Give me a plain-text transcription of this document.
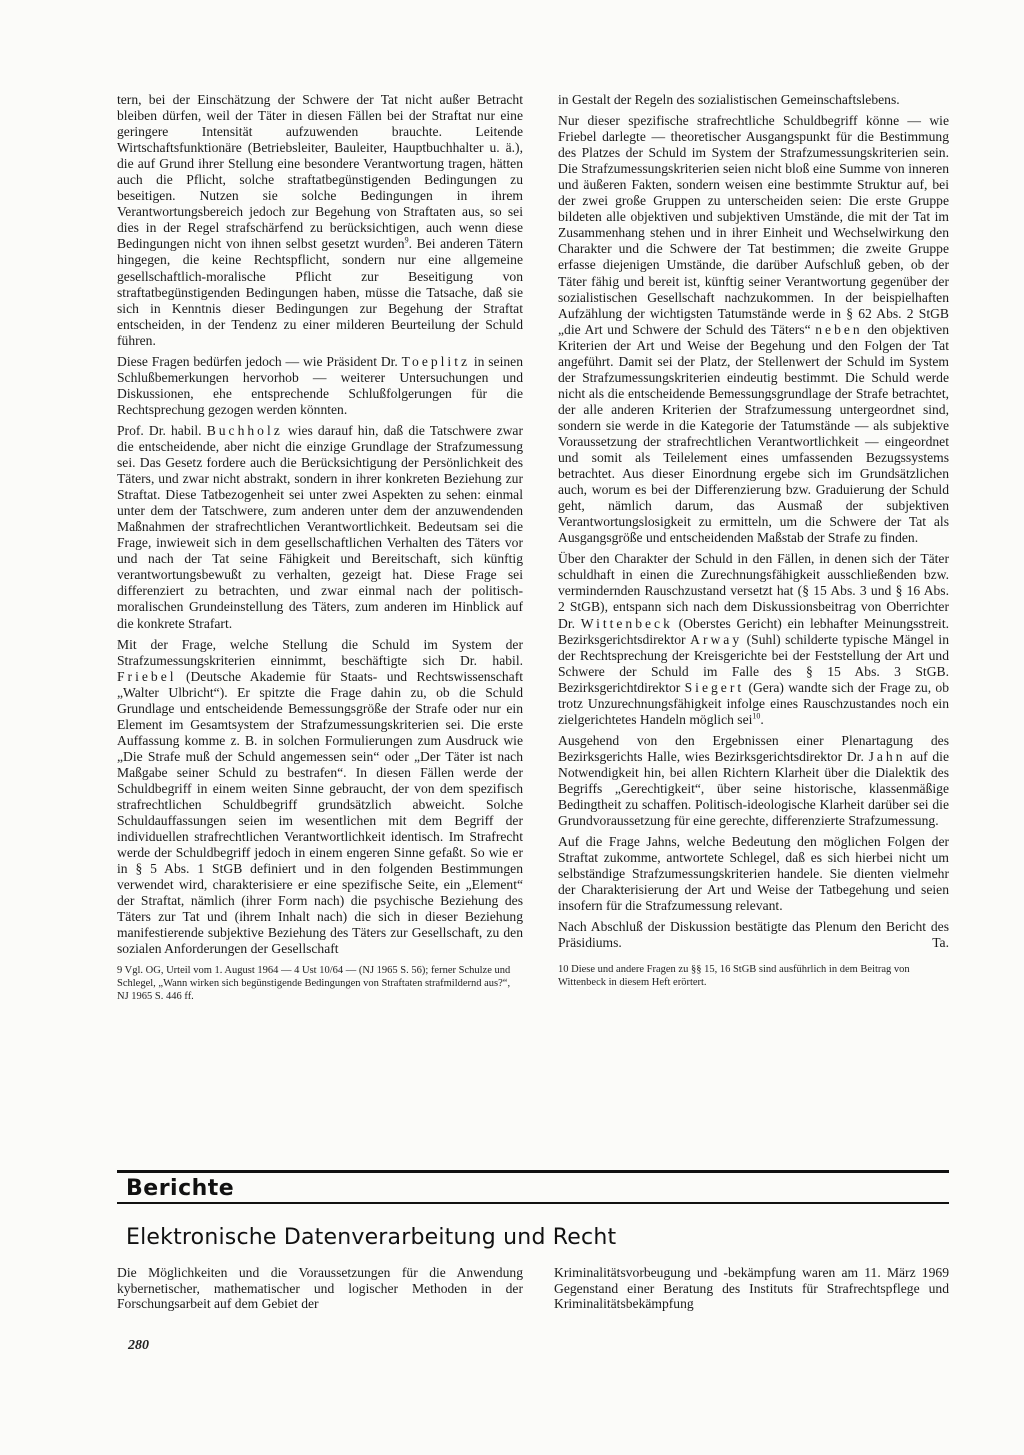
tern, bei der Einschätzung der Schwere der Tat nicht außer Betracht bleiben dürfen, weil der Täter in diesen Fällen bei der Straftat nur eine geringere Intensität aufzuwenden brauchte. Leitende Wirtschaftsfunktionäre (Betriebsleiter, Bauleiter, Hauptbuchhalter u. ä.), die auf Grund ihrer Stellung eine besondere Verantwortung tragen, hätten auch die Pflicht, solche straftatbegünstigenden Bedingungen zu beseitigen. Nutzen sie solche Bedingungen in ihrem Verantwortungsbereich jedoch zur Begehung von Straftaten aus, so sei dies in der Regel strafschärfend zu berücksichtigen, auch wenn diese Bedingungen nicht von ihnen selbst gesetzt wurden$^9$. Bei anderen Tätern hingegen, die keine Rechtspflicht, sondern nur eine allgemeine gesellschaftlich-moralische Pflicht zur Beseitigung von straftatbegünstigenden Bedingungen haben, müsse die Tatsache, daß sie sich in Kenntnis dieser Bedingungen zur Begehung der Straftat entscheiden, in der Tendenz zu einer milderen Beurteilung der Schuld führen.

Diese Fragen bedürfen jedoch — wie Präsident Dr. Toeplitz in seinen Schlußbemerkungen hervorhob — weiterer Untersuchungen und Diskussionen, ehe entsprechende Schlußfolgerungen für die Rechtsprechung gezogen werden könnten.

Prof. Dr. habil. Buchholz wies darauf hin, daß die Tatschwere zwar die entscheidende, aber nicht die einzige Grundlage der Strafzumessung sei. Das Gesetz fordere auch die Berücksichtigung der Persönlichkeit des Täters, und zwar nicht abstrakt, sondern in ihrer konkreten Beziehung zur Straftat. Diese Tatbezogenheit sei unter zwei Aspekten zu sehen: einmal unter dem der Tatschwere, zum anderen unter dem der anzuwendenden Maßnahmen der strafrechtlichen Verantwortlichkeit. Bedeutsam sei die Frage, inwieweit sich in dem gesellschaftlichen Verhalten des Täters vor und nach der Tat seine Fähigkeit und Bereitschaft, sich künftig verantwortungsbewußt zu verhalten, gezeigt hat. Diese Frage sei differenziert zu betrachten, und zwar einmal nach der politisch-moralischen Grundeinstellung des Täters, zum anderen im Hinblick auf die konkrete Strafart.

Mit der Frage, welche Stellung die Schuld im System der Strafzumessungskriterien einnimmt, beschäftigte sich Dr. habil. Friebel (Deutsche Akademie für Staats- und Rechtswissenschaft „Walter Ulbricht“). Er spitzte die Frage dahin zu, ob die Schuld Grundlage und entscheidende Bemessungsgröße der Strafe oder nur ein Element im Gesamtsystem der Strafzumessungskriterien sei. Die erste Auffassung komme z. B. in solchen Formulierungen zum Ausdruck wie „Die Strafe muß der Schuld angemessen sein“ oder „Der Täter ist nach Maßgabe seiner Schuld zu bestrafen“. In diesen Fällen werde der Schuldbegriff in einem weiten Sinne gebraucht, der von dem spezifisch strafrechtlichen Schuldbegriff grundsätzlich abweicht. Solche Schuldauffassungen seien im wesentlichen mit dem Begriff der individuellen strafrechtlichen Verantwortlichkeit identisch. Im Strafrecht werde der Schuldbegriff jedoch in einem engeren Sinne gefaßt. So wie er in § 5 Abs. 1 StGB definiert und in den folgenden Bestimmungen verwendet wird, charakterisiere er eine spezifische Seite, ein „Element“ der Straftat, nämlich (ihrer Form nach) die psychische Beziehung des Täters zur Tat und (ihrem Inhalt nach) die sich in dieser Beziehung manifestierende subjektive Beziehung des Täters zur Gesellschaft, zu den sozialen Anforderungen der Gesellschaft

9 Vgl. OG, Urteil vom 1. August 1964 — 4 Ust 10/64 — (NJ 1965 S. 56); ferner Schulze und Schlegel, „Wann wirken sich begünstigende Bedingungen von Straftaten strafmildernd aus?“, NJ 1965 S. 446 ff.

in Gestalt der Regeln des sozialistischen Gemeinschaftslebens.

Nur dieser spezifische strafrechtliche Schuldbegriff könne — wie Friebel darlegte — theoretischer Ausgangspunkt für die Bestimmung des Platzes der Schuld im System der Strafzumessungskriterien sein. Die Strafzumessungskriterien seien nicht bloß eine Summe von inneren und äußeren Fakten, sondern weisen eine bestimmte Struktur auf, bei der zwei große Gruppen zu unterscheiden seien: Die erste Gruppe bildeten alle objektiven und subjektiven Umstände, die mit der Tat im Zusammenhang stehen und in ihrer Einheit und Wechselwirkung den Charakter und die Schwere der Tat bestimmen; die zweite Gruppe erfasse diejenigen Umstände, die darüber Aufschluß geben, ob der Täter fähig und bereit ist, künftig seiner Verantwortung gegenüber der sozialistischen Gesellschaft nachzukommen. In der beispielhaften Aufzählung der wichtigsten Tatumstände werde in § 62 Abs. 2 StGB „die Art und Schwere der Schuld des Täters“ neben den objektiven Kriterien der Art und Weise der Begehung und den Folgen der Tat angeführt. Damit sei der Platz, der Stellenwert der Schuld im System der Strafzumessungskriterien eindeutig bestimmt. Die Schuld werde nicht als die entscheidende Bemessungsgrundlage der Strafe betrachtet, der alle anderen Kriterien der Strafzumessung untergeordnet sind, sondern sie werde in die Kategorie der Tatumstände — als subjektive Voraussetzung der strafrechtlichen Verantwortlichkeit — eingeordnet und somit als Teilelement eines umfassenden Bezugssystems betrachtet. Aus dieser Einordnung ergebe sich im Grundsätzlichen auch, worum es bei der Differenzierung bzw. Graduierung der Schuld geht, nämlich darum, das Ausmaß der subjektiven Verantwortungslosigkeit zu ermitteln, um die Schwere der Tat als Ausgangsgröße und entscheidenden Maßstab der Strafe zu finden.

Über den Charakter der Schuld in den Fällen, in denen sich der Täter schuldhaft in einen die Zurechnungsfähigkeit ausschließenden bzw. vermindernden Rauschzustand versetzt hat (§ 15 Abs. 3 und § 16 Abs. 2 StGB), entspann sich nach dem Diskussionsbeitrag von Oberrichter Dr. Wittenbeck (Oberstes Gericht) ein lebhafter Meinungsstreit. Bezirksgerichtsdirektor Arway (Suhl) schilderte typische Mängel in der Rechtsprechung der Kreisgerichte bei der Feststellung der Art und Schwere der Schuld im Falle des § 15 Abs. 3 StGB. Bezirksgerichtdirektor Siegert (Gera) wandte sich der Frage zu, ob trotz Unzurechnungsfähigkeit infolge eines Rauschzustandes noch ein zielgerichtetes Handeln möglich sei$^{10}$.

Ausgehend von den Ergebnissen einer Plenartagung des Bezirksgerichts Halle, wies Bezirksgerichtsdirektor Dr. Jahn auf die Notwendigkeit hin, bei allen Richtern Klarheit über die Dialektik des Begriffs „Gerechtigkeit“, über seine historische, klassenmäßige Bedingtheit zu schaffen. Politisch-ideologische Klarheit darüber sei die Grundvoraussetzung für eine gerechte, differenzierte Strafzumessung.

Auf die Frage Jahns, welche Bedeutung den möglichen Folgen der Straftat zukomme, antwortete Schlegel, daß es sich hierbei nicht um selbständige Strafzumessungskriterien handele. Sie dienten vielmehr der Charakterisierung der Art und Weise der Tatbegehung und seien insofern für die Strafzumessung relevant.

Nach Abschluß der Diskussion bestätigte das Plenum den Bericht des Präsidiums.	Ta.

10 Diese und andere Fragen zu §§ 15, 16 StGB sind ausführlich in dem Beitrag von Wittenbeck in diesem Heft erörtert.
Berichte
Elektronische Datenverarbeitung und Recht
Die Möglichkeiten und die Voraussetzungen für die Anwendung kybernetischer, mathematischer und logischer Methoden in der Forschungsarbeit auf dem Gebiet der
Kriminalitätsvorbeugung und -bekämpfung waren am 11. März 1969 Gegenstand einer Beratung des Instituts für Strafrechtspflege und Kriminalitätsbekämpfung
280
